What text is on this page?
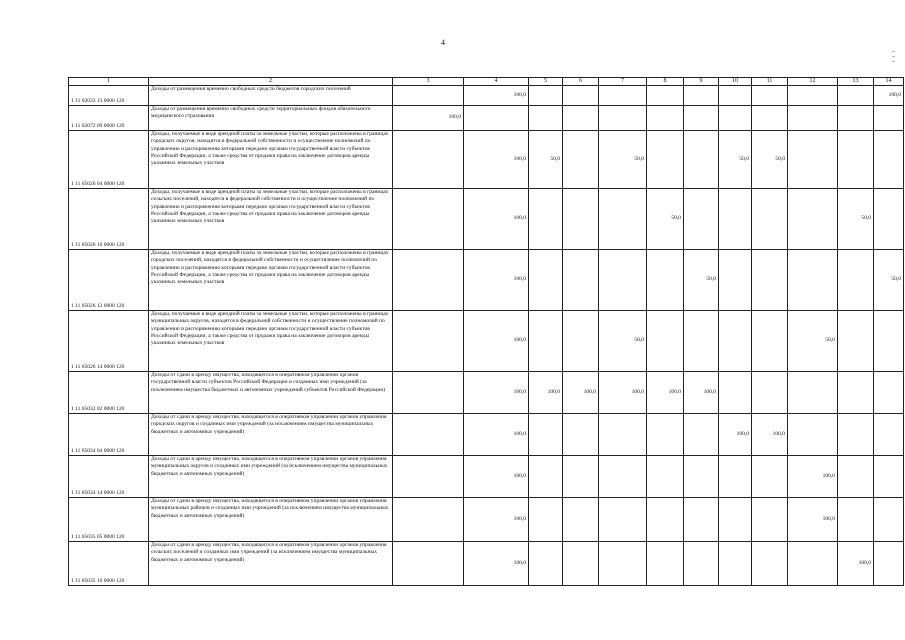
4
–
–
–
1	2	3	4	5	6	7	8	9	10	11	12	13	14
1 11 02033 13 0000 120	Доходы от размещения временно свободных средств бюджетов городских поселений		100,0										100,0
1 11 02072 09 0000 120	Доходы от размещения временно свободных средств территориальных фондов обязательного медицинского страхования	100,0											
1 11 05026 04 0000 120	Доходы, получаемые в виде арендной платы за земельные участки, которые расположены в границах городских округов, находятся в федеральной собственности и осуществление полномочий по управлению и распоряжению которыми передано органам государственной власти субъектов Российской Федерации, а также средства от продажи права на заключение договоров аренды указанных земельных участков		100,0	50,0		50,0			50,0	50,0			
1 11 05026 10 0000 120	Доходы, получаемые в виде арендной платы за земельные участки, которые расположены в границах сельских поселений, находятся в федеральной собственности и осуществление полномочий по управлению и распоряжению которыми передано органам государственной власти субъектов Российской Федерации, а также средства от продажи права на заключение договоров аренды указанных земельных участков		100,0				50,0					50,0	
1 11 05026 13 0000 120	Доходы, получаемые в виде арендной платы за земельные участки, которые расположены в границах городских поселений, находятся в федеральной собственности и осуществление полномочий по управлению и распоряжению которыми передано органам государственной власти субъектов Российской Федерации, а также средства от продажи права на заключение договоров аренды указанных земельных участков		100,0					50,0					50,0
1 11 05026 14 0000 120	Доходы, получаемые в виде арендной платы за земельные участки, которые расположены в границах муниципальных округов, находятся в федеральной собственности и осуществление полномочий по управлению и распоряжению которыми передано органам государственной власти субъектов Российской Федерации, а также средства от продажи права на заключение договоров аренды указанных земельных участков		100,0			50,0					50,0		
1 11 05032 02 0000 120	Доходы от сдачи в аренду имущества, находящегося в оперативном управлении органов государственной власти субъектов Российской Федерации и созданных ими учреждений (за исключением имущества бюджетных и автономных учреждений субъектов Российской Федерации)		100,0	100,0	100,0	100,0	100,0	100,0					
1 11 05034 04 0000 120	Доходы от сдачи в аренду имущества, находящегося в оперативном управлении органов управления городских округов и созданных ими учреждений (за исключением имущества муниципальных бюджетных и автономных учреждений)		100,0						100,0	100,0			
1 11 05034 14 0000 120	Доходы от сдачи в аренду имущества, находящегося в оперативном управлении органов управления муниципальных округов и созданных ими учреждений (за исключением имущества муниципальных бюджетных и автономных учреждений)		100,0								100,0		
1 11 05035 05 0000 120	Доходы от сдачи в аренду имущества, находящегося в оперативном управлении органов управления муниципальных районов и созданных ими учреждений (за исключением имущества муниципальных бюджетных и автономных учреждений)		100,0								100,0		
1 11 05035 10 0000 120	Доходы от сдачи в аренду имущества, находящегося в оперативном управлении органов управления сельских поселений и созданных ими учреждений (за исключением имущества муниципальных бюджетных и автономных учреждений)		100,0									100,0	
